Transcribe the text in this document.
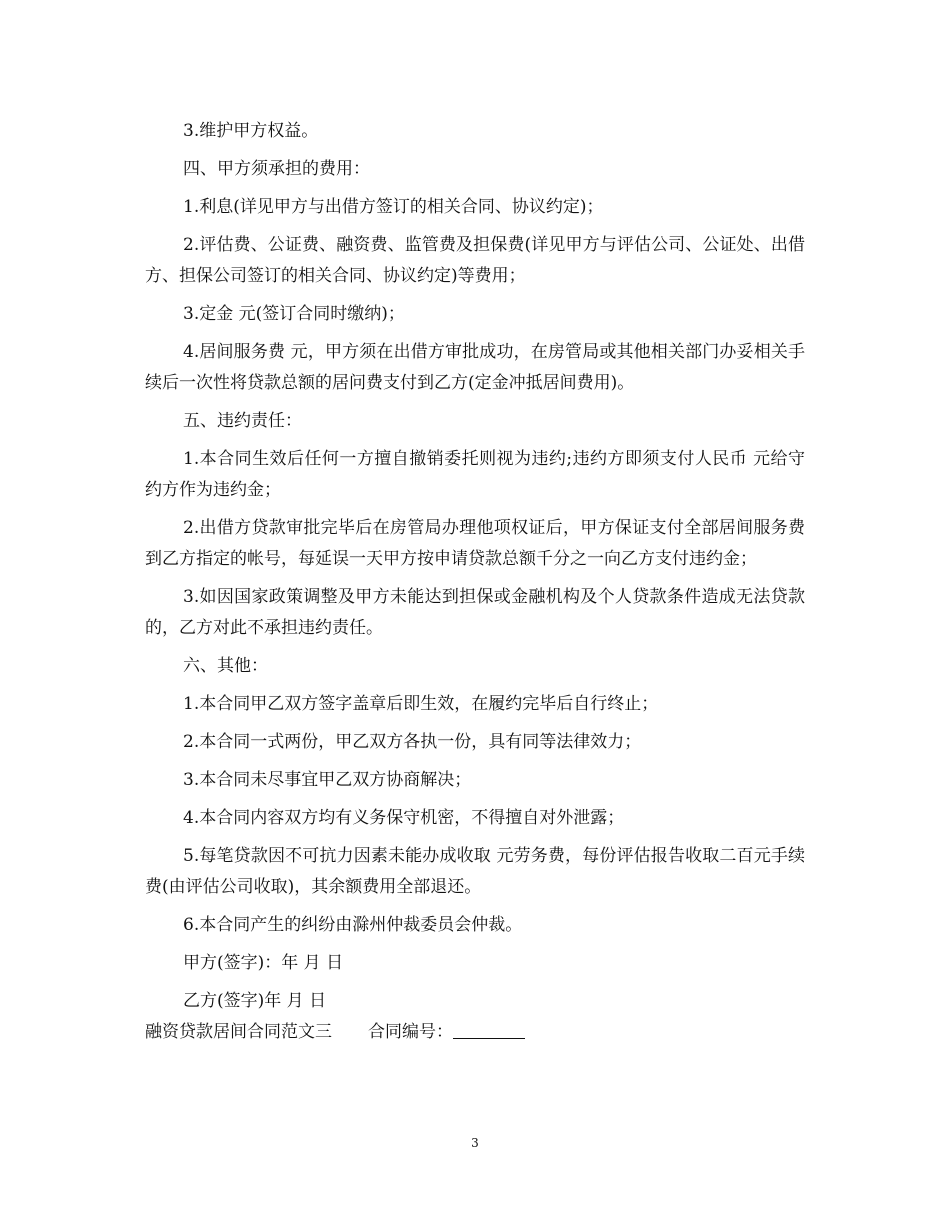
3.维护甲方权益。

四、甲方须承担的费用：

1.利息(详见甲方与出借方签订的相关合同、协议约定)；

2.评估费、公证费、融资费、监管费及担保费(详见甲方与评估公司、公证处、出借方、担保公司签订的相关合同、协议约定)等费用；

3.定金 元(签订合同时缴纳)；

4.居间服务费 元，甲方须在出借方审批成功，在房管局或其他相关部门办妥相关手续后一次性将贷款总额的居问费支付到乙方(定金冲抵居间费用)。

五、违约责任：

1.本合同生效后任何一方擅自撤销委托则视为违约;违约方即须支付人民币 元给守约方作为违约金；

2.出借方贷款审批完毕后在房管局办理他项权证后，甲方保证支付全部居间服务费到乙方指定的帐号，每延误一天甲方按申请贷款总额千分之一向乙方支付违约金；

3.如因国家政策调整及甲方未能达到担保或金融机构及个人贷款条件造成无法贷款的，乙方对此不承担违约责任。

六、其他：

1.本合同甲乙双方签字盖章后即生效，在履约完毕后自行终止；

2.本合同一式两份，甲乙双方各执一份，具有同等法律效力；

3.本合同未尽事宜甲乙双方协商解决；

4.本合同内容双方均有义务保守机密，不得擅自对外泄露；

5.每笔贷款因不可抗力因素未能办成收取 元劳务费，每份评估报告收取二百元手续费(由评估公司收取)，其余额费用全部退还。

6.本合同产生的纠纷由滁州仲裁委员会仲裁。

甲方(签字)：年 月 日

乙方(签字)年 月 日

融资贷款居间合同范文三 合同编号：

3
